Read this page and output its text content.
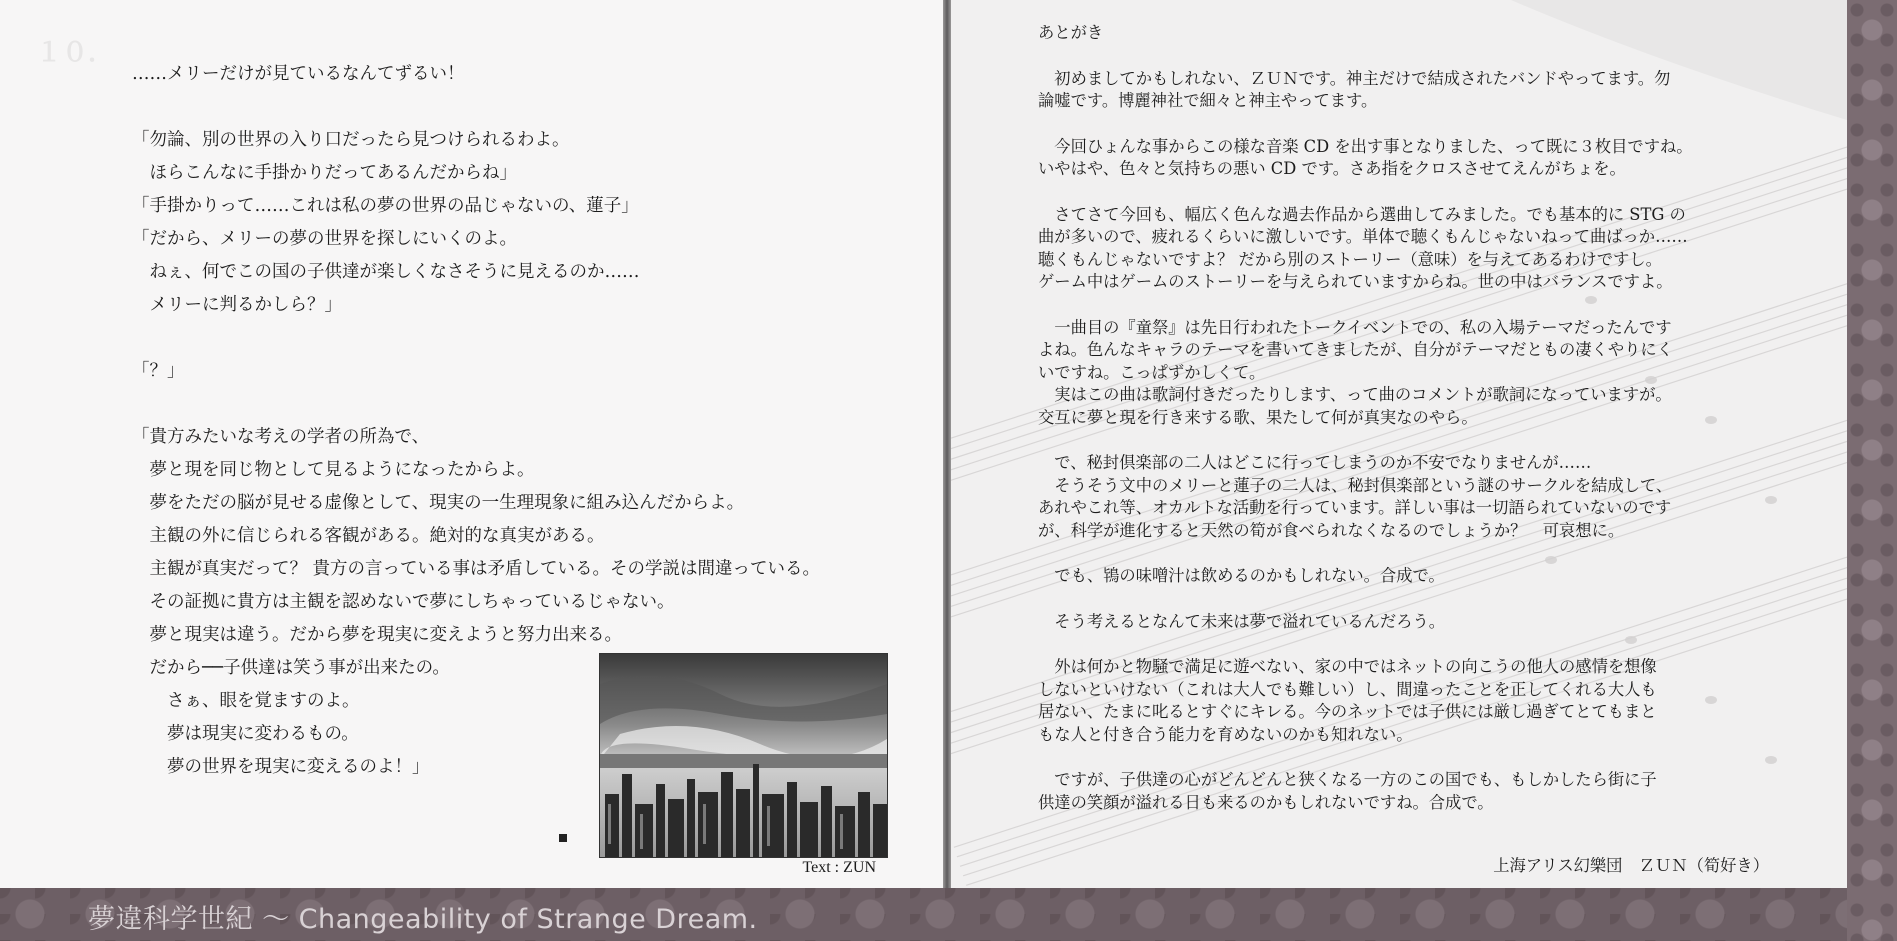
１０．
……メリーだけが見ているなんてずるい！
「勿論、別の世界の入り口だったら見つけられるわよ。
　ほらこんなに手掛かりだってあるんだからね」
「手掛かりって……これは私の夢の世界の品じゃないの、蓮子」
「だから、メリーの夢の世界を探しにいくのよ。
　ねぇ、何でこの国の子供達が楽しくなさそうに見えるのか……
　メリーに判るかしら？」
「？」
「貴方みたいな考えの学者の所為で、
　夢と現を同じ物として見るようになったからよ。
　夢をただの脳が見せる虚像として、現実の一生理現象に組み込んだからよ。
　主観の外に信じられる客観がある。絶対的な真実がある。
　主観が真実だって？ 貴方の言っている事は矛盾している。その学説は間違っている。
　その証拠に貴方は主観を認めないで夢にしちゃっているじゃない。
　夢と現実は違う。だから夢を現実に変えようと努力出来る。
　だから──子供達は笑う事が出来たの。
　　さぁ、眼を覚ますのよ。
　　夢は現実に変わるもの。
　　夢の世界を現実に変えるのよ！」
Text : ZUN
あとがき
　初めましてかもしれない、ＺＵＮです。神主だけで結成されたバンドやってます。勿
論嘘です。博麗神社で細々と神主やってます。
　今回ひょんな事からこの様な音楽 CD を出す事となりました、って既に３枚目ですね。
いやはや、色々と気持ちの悪い CD です。さあ指をクロスさせてえんがちょを。
　さてさて今回も、幅広く色んな過去作品から選曲してみました。でも基本的に STG の
曲が多いので、疲れるくらいに激しいです。単体で聴くもんじゃないねって曲ばっか……
聴くもんじゃないですよ？ だから別のストーリー（意味）を与えてあるわけですし。
ゲーム中はゲームのストーリーを与えられていますからね。世の中はバランスですよ。
　一曲目の『童祭』は先日行われたトークイベントでの、私の入場テーマだったんです
よね。色んなキャラのテーマを書いてきましたが、自分がテーマだともの凄くやりにく
いですね。こっぱずかしくて。
　実はこの曲は歌詞付きだったりします、って曲のコメントが歌詞になっていますが。
交互に夢と現を行き来する歌、果たして何が真実なのやら。
　で、秘封倶楽部の二人はどこに行ってしまうのか不安でなりませんが……
　そうそう文中のメリーと蓮子の二人は、秘封倶楽部という謎のサークルを結成して、
あれやこれ等、オカルトな活動を行っています。詳しい事は一切語られていないのです
が、科学が進化すると天然の筍が食べられなくなるのでしょうか？　可哀想に。
　でも、鴇の味噌汁は飲めるのかもしれない。合成で。
　そう考えるとなんて未来は夢で溢れているんだろう。
　外は何かと物騒で満足に遊べない、家の中ではネットの向こうの他人の感情を想像
しないといけない（これは大人でも難しい）し、間違ったことを正してくれる大人も
居ない、たまに叱るとすぐにキレる。今のネットでは子供には厳し過ぎてとてもまと
もな人と付き合う能力を育めないのかも知れない。
　ですが、子供達の心がどんどんと狭くなる一方のこの国でも、もしかしたら街に子
供達の笑顔が溢れる日も来るのかもしれないですね。合成で。
上海アリス幻樂団　ＺＵＮ（筍好き）
夢違科学世紀 ～ Changeability of Strange Dream.
